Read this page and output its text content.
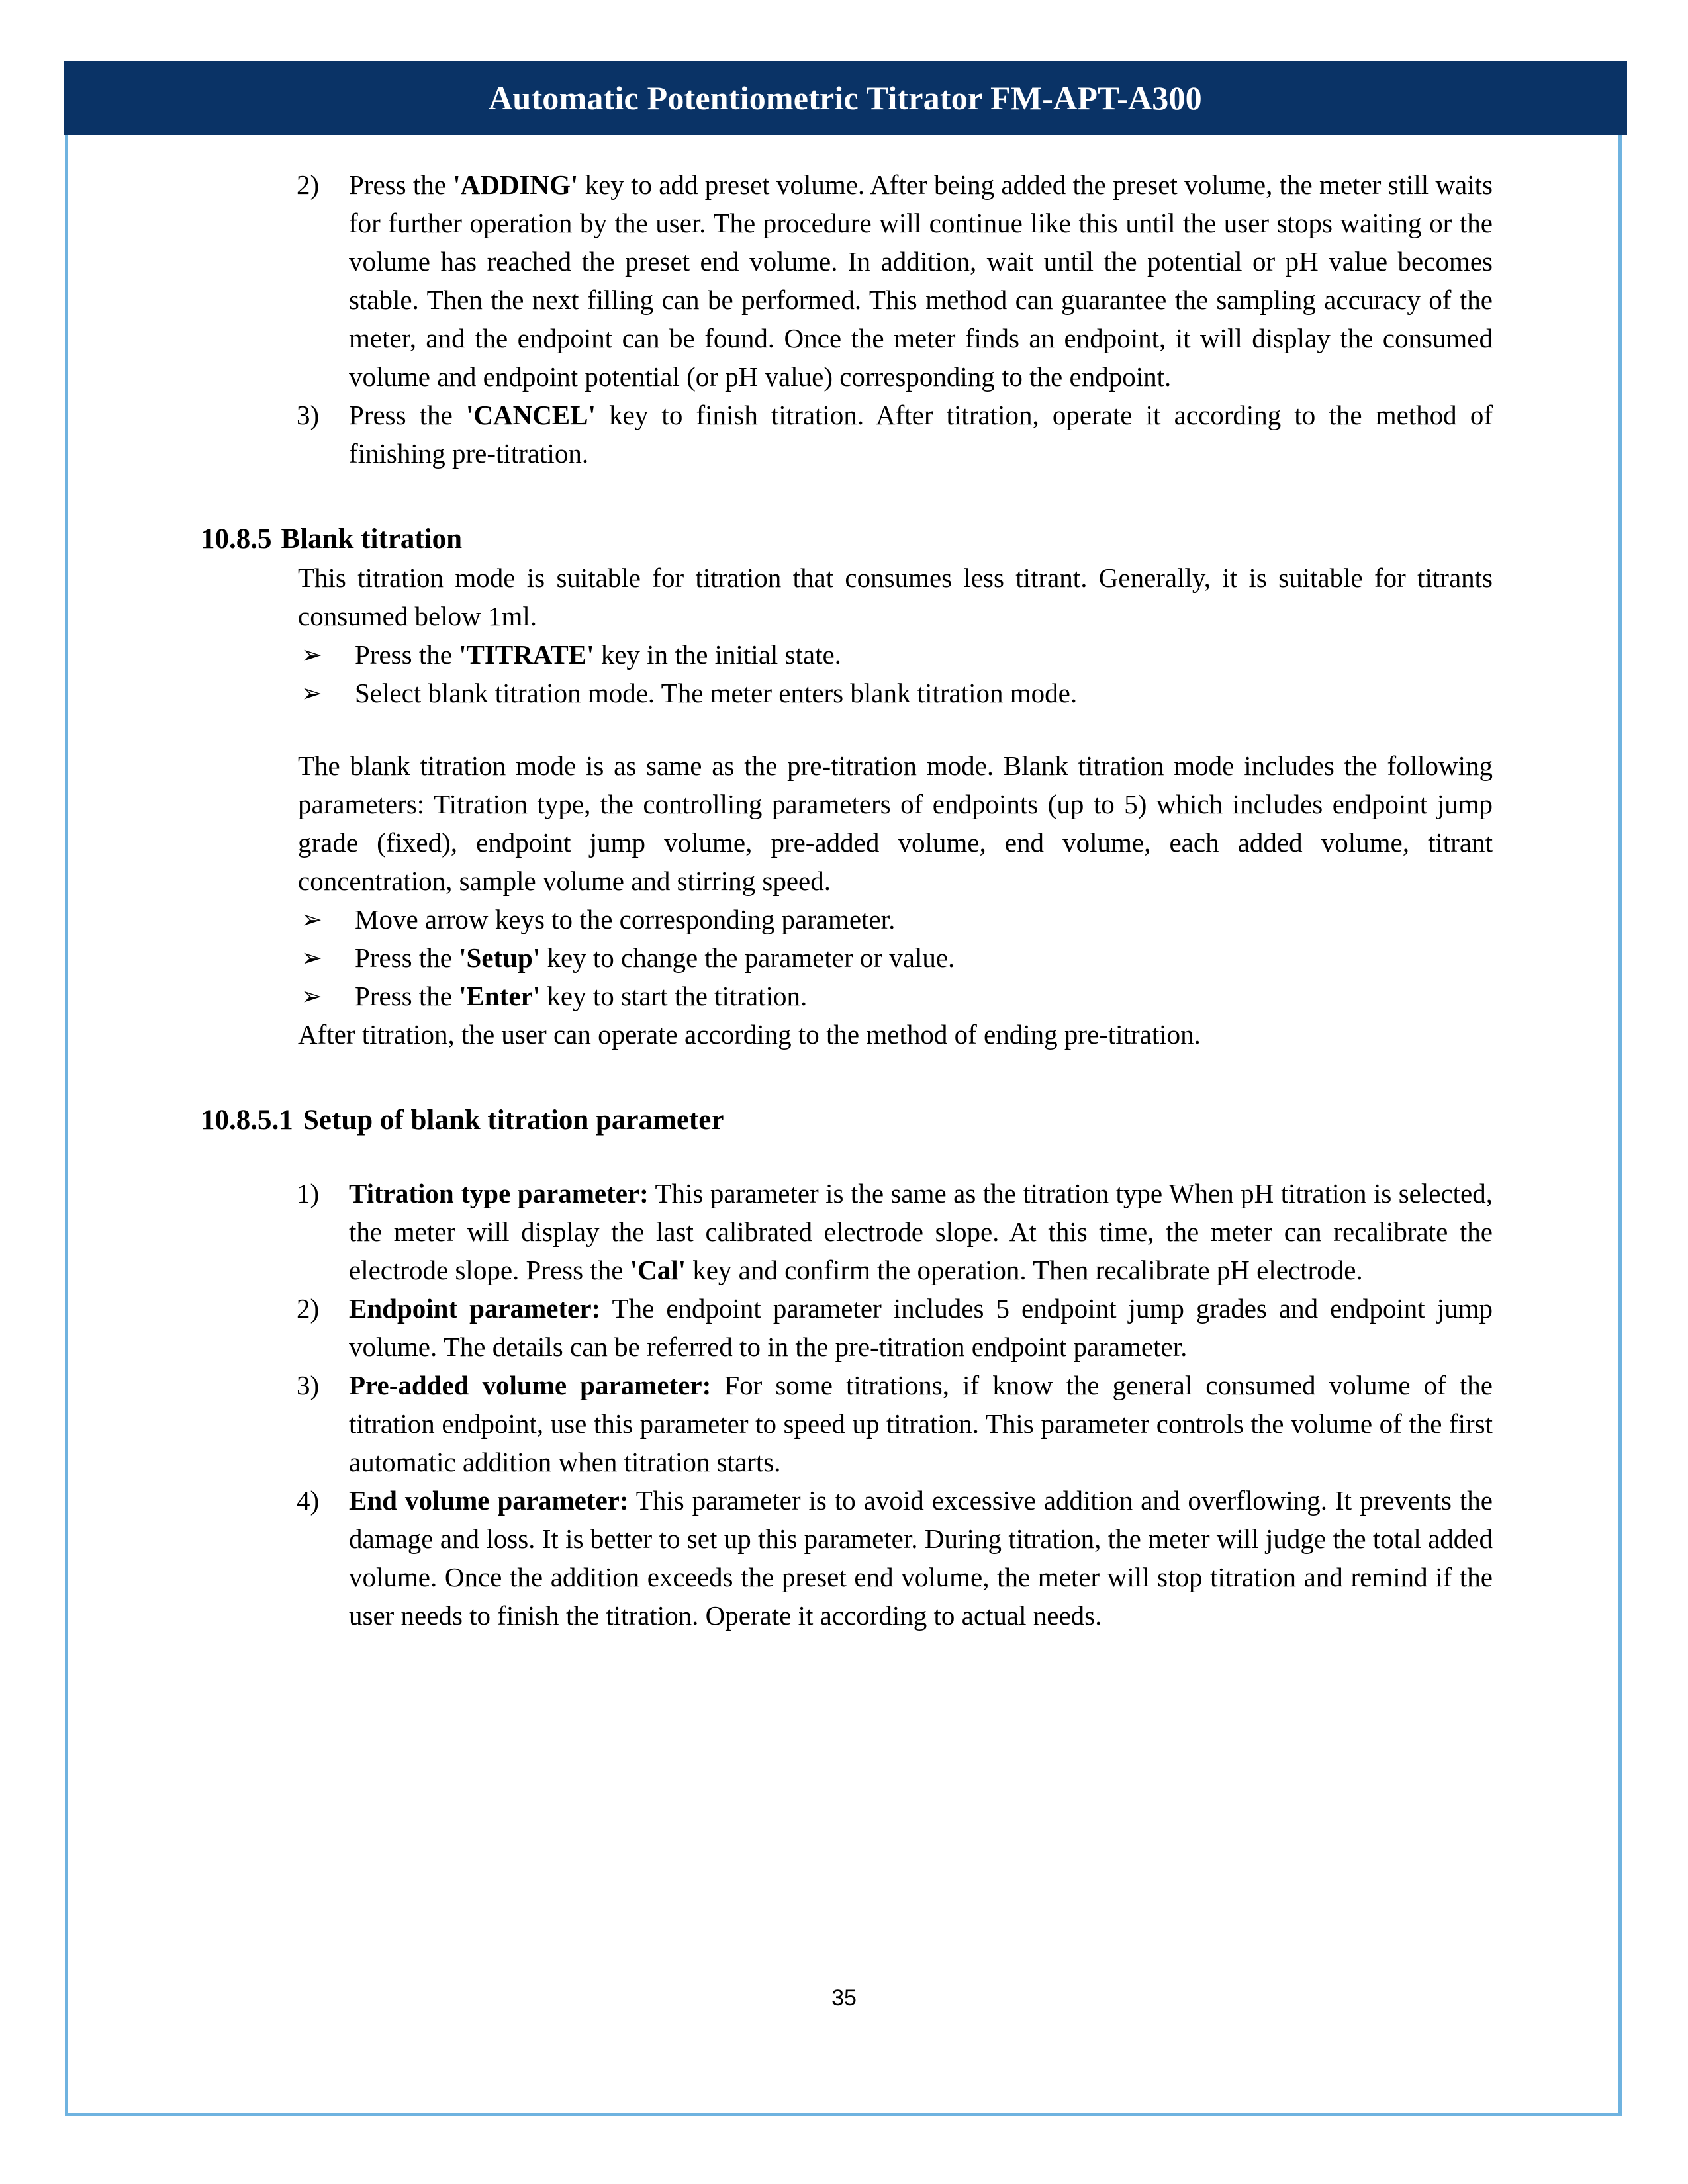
Automatic Potentiometric Titrator FM-APT-A300
2)	Press the 'ADDING' key to add preset volume. After being added the preset volume, the meter still waits for further operation by the user. The procedure will continue like this until the user stops waiting or the volume has reached the preset end volume. In addition, wait until the potential or pH value becomes stable. Then the next filling can be performed. This method can guarantee the sampling accuracy of the meter, and the endpoint can be found. Once the meter finds an endpoint, it will display the consumed volume and endpoint potential (or pH value) corresponding to the endpoint.
3)	Press the 'CANCEL' key to finish titration. After titration, operate it according to the method of finishing pre-titration.
10.8.5 Blank titration

This titration mode is suitable for titration that consumes less titrant. Generally, it is suitable for titrants consumed below 1ml.

➢ Press the 'TITRATE' key in the initial state.
➢ Select blank titration mode. The meter enters blank titration mode.

The blank titration mode is as same as the pre-titration mode. Blank titration mode includes the following parameters: Titration type, the controlling parameters of endpoints (up to 5) which includes endpoint jump grade (fixed), endpoint jump volume, pre-added volume, end volume, each added volume, titrant concentration, sample volume and stirring speed.

➢ Move arrow keys to the corresponding parameter.
➢ Press the 'Setup' key to change the parameter or value.
➢ Press the 'Enter' key to start the titration.

After titration, the user can operate according to the method of ending pre-titration.

10.8.5.1 Setup of blank titration parameter
1)	Titration type parameter: This parameter is the same as the titration type When pH titration is selected, the meter will display the last calibrated electrode slope. At this time, the meter can recalibrate the electrode slope. Press the 'Cal' key and confirm the operation. Then recalibrate pH electrode.
2)	Endpoint parameter: The endpoint parameter includes 5 endpoint jump grades and endpoint jump volume. The details can be referred to in the pre-titration endpoint parameter.
3)	Pre-added volume parameter: For some titrations, if know the general consumed volume of the titration endpoint, use this parameter to speed up titration. This parameter controls the volume of the first automatic addition when titration starts.
4)	End volume parameter: This parameter is to avoid excessive addition and overflowing. It prevents the damage and loss. It is better to set up this parameter. During titration, the meter will judge the total added volume. Once the addition exceeds the preset end volume, the meter will stop titration and remind if the user needs to finish the titration. Operate it according to actual needs.
35
